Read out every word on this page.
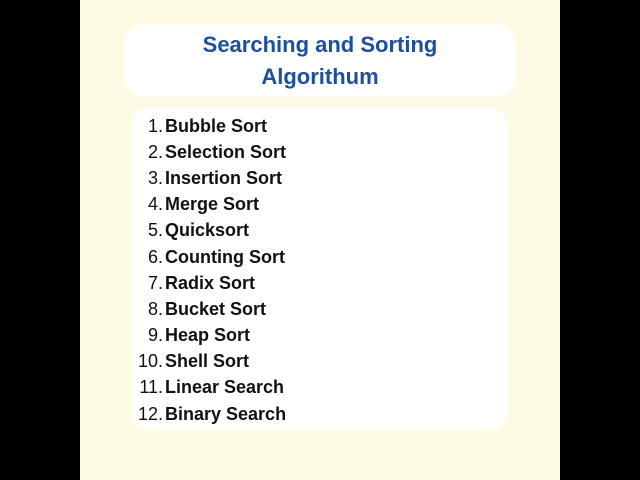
Searching and Sorting
Algorithum
1. Bubble Sort
2. Selection Sort
3. Insertion Sort
4. Merge Sort
5. Quicksort
6. Counting Sort
7. Radix Sort
8. Bucket Sort
9. Heap Sort
10. Shell Sort
11. Linear Search
12. Binary Search
